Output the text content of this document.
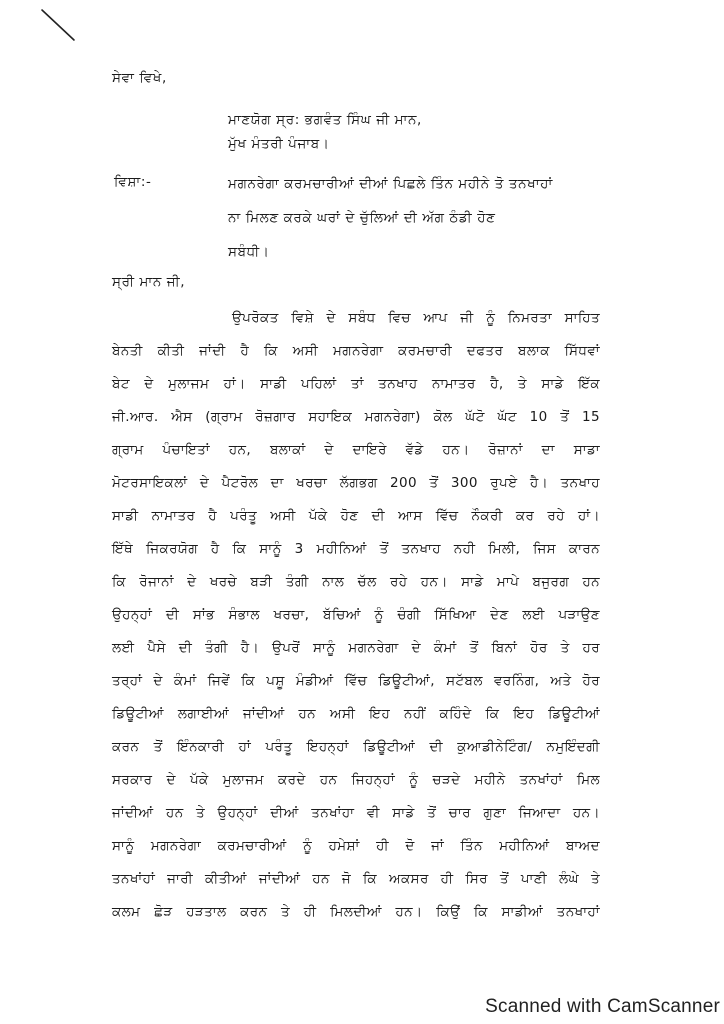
ਸੇਵਾ ਵਿਖੇ,
ਮਾਣਯੋਗ ਸ੍ਰ: ਭਗਵੰਤ ਸਿੰਘ ਜੀ ਮਾਨ,
ਮੁੱਖ ਮੰਤਰੀ ਪੰਜਾਬ।
ਵਿਸ਼ਾ:-	ਮਗਨਰੇਗਾ ਕਰਮਚਾਰੀਆਂ ਦੀਆਂ ਪਿਛਲੇ ਤਿੰਨ ਮਹੀਨੇ ਤੋ ਤਨਖਾਹਾਂ
ਨਾ ਮਿਲਣ ਕਰਕੇ ਘਰਾਂ ਦੇ ਚੁੱਲਿਆਂ ਦੀ ਅੱਗ ਠੰਡੀ ਹੋਣ
ਸਬੰਧੀ।
ਸ੍ਰੀ ਮਾਨ ਜੀ,
ਉਪਰੋਕਤ ਵਿਸ਼ੇ ਦੇ ਸਬੰਧ ਵਿਚ ਆਪ ਜੀ ਨੂੰ ਨਿਮਰਤਾ ਸਾਹਿਤ
ਬੇਨਤੀ ਕੀਤੀ ਜਾਂਦੀ ਹੈ ਕਿ ਅਸੀ ਮਗਨਰੇਗਾ ਕਰਮਚਾਰੀ ਦਫਤਰ ਬਲਾਕ ਸਿੱਧਵਾਂ
ਬੇਟ ਦੇ ਮੁਲਾਜਮ ਹਾਂ। ਸਾਡੀ ਪਹਿਲਾਂ ਤਾਂ ਤਨਖਾਹ ਨਾਮਾਤਰ ਹੈ, ਤੇ ਸਾਡੇ ਇੱਕ
ਜੀ.ਆਰ. ਐਸ (ਗ੍ਰਾਮ ਰੋਜ਼ਗਾਰ ਸਹਾਇਕ ਮਗਨਰੇਗਾ) ਕੋਲ ਘੱਟੋ ਘੱਟ 10 ਤੋਂ 15
ਗ੍ਰਾਮ ਪੰਚਾਇਤਾਂ ਹਨ, ਬਲਾਕਾਂ ਦੇ ਦਾਇਰੇ ਵੱਡੇ ਹਨ। ਰੋਜ਼ਾਨਾਂ ਦਾ ਸਾਡਾ
ਮੋਟਰਸਾਇਕਲਾਂ ਦੇ ਪੈਟਰੋਲ ਦਾ ਖਰਚਾ ਲੱਗਭਗ 200 ਤੋਂ 300 ਰੁਪਏ ਹੈ। ਤਨਖਾਹ
ਸਾਡੀ ਨਾਮਾਤਰ ਹੈ ਪਰੰਤੂ ਅਸੀ ਪੱਕੇ ਹੋਣ ਦੀ ਆਸ ਵਿੱਚ ਨੌਕਰੀ ਕਰ ਰਹੇ ਹਾਂ।
ਇੱਥੇ ਜਿਕਰਯੋਗ ਹੈ ਕਿ ਸਾਨੂੰ 3 ਮਹੀਨਿਆਂ ਤੋਂ ਤਨਖਾਹ ਨਹੀ ਮਿਲੀ, ਜਿਸ ਕਾਰਨ
ਕਿ ਰੋਜਾਨਾਂ ਦੇ ਖਰਚੇ ਬੜੀ ਤੰਗੀ ਨਾਲ ਚੱਲ ਰਹੇ ਹਨ। ਸਾਡੇ ਮਾਪੇ ਬਜੁਰਗ ਹਨ
ਉਹਨ੍ਹਾਂ ਦੀ ਸਾਂਭ ਸੰਭਾਲ ਖਰਚਾ, ਬੱਚਿਆਂ ਨੂੰ ਚੰਗੀ ਸਿੱਖਿਆ ਦੇਣ ਲਈ ਪੜਾਉਣ
ਲਈ ਪੈਸੇ ਦੀ ਤੰਗੀ ਹੈ। ਉਪਰੋਂ ਸਾਨੂੰ ਮਗਨਰੇਗਾ ਦੇ ਕੰਮਾਂ ਤੋਂ ਬਿਨਾਂ ਹੋਰ ਤੇ ਹਰ
ਤਰ੍ਹਾਂ ਦੇ ਕੰਮਾਂ ਜਿਵੇਂ ਕਿ ਪਸ਼ੂ ਮੰਡੀਆਂ ਵਿੱਚ ਡਿਊਟੀਆਂ, ਸਟੱਬਲ ਵਰਨਿੰਗ, ਅਤੇ ਹੋਰ
ਡਿਊਟੀਆਂ ਲਗਾਈਆਂ ਜਾਂਦੀਆਂ ਹਨ ਅਸੀ ਇਹ ਨਹੀਂ ਕਹਿੰਦੇ ਕਿ ਇਹ ਡਿਊਟੀਆਂ
ਕਰਨ ਤੋਂ ਇੰਨਕਾਰੀ ਹਾਂ ਪਰੰਤੂ ਇਹਨ੍ਹਾਂ ਡਿਊਟੀਆਂ ਦੀ ਕੁਆਡੀਨੇਟਿੰਗ/ ਨਮੁਇੰਦਗੀ
ਸਰਕਾਰ ਦੇ ਪੱਕੇ ਮੁਲਾਜਮ ਕਰਦੇ ਹਨ ਜਿਹਨ੍ਹਾਂ ਨੂੰ ਚੜਦੇ ਮਹੀਨੇ ਤਨਖਾਂਹਾਂ ਮਿਲ
ਜਾਂਦੀਆਂ ਹਨ ਤੇ ਉਹਨ੍ਹਾਂ ਦੀਆਂ ਤਨਖਾਂਹਾ ਵੀ ਸਾਡੇ ਤੋਂ ਚਾਰ ਗੁਣਾ ਜਿਆਦਾ ਹਨ।
ਸਾਨੂੰ ਮਗਨਰੇਗਾ ਕਰਮਚਾਰੀਆਂ ਨੂੰ ਹਮੇਸ਼ਾਂ ਹੀ ਦੋ ਜਾਂ ਤਿੰਨ ਮਹੀਨਿਆਂ ਬਾਅਦ
ਤਨਖਾਂਹਾਂ ਜਾਰੀ ਕੀਤੀਆਂ ਜਾਂਦੀਆਂ ਹਨ ਜੋ ਕਿ ਅਕਸਰ ਹੀ ਸਿਰ ਤੋਂ ਪਾਣੀ ਲੰਘੇ ਤੇ
ਕਲਮ ਛੋੜ ਹੜਤਾਲ ਕਰਨ ਤੇ ਹੀ ਮਿਲਦੀਆਂ ਹਨ। ਕਿਉਂ ਕਿ ਸਾਡੀਆਂ ਤਨਖਾਹਾਂ
Scanned with CamScanner
